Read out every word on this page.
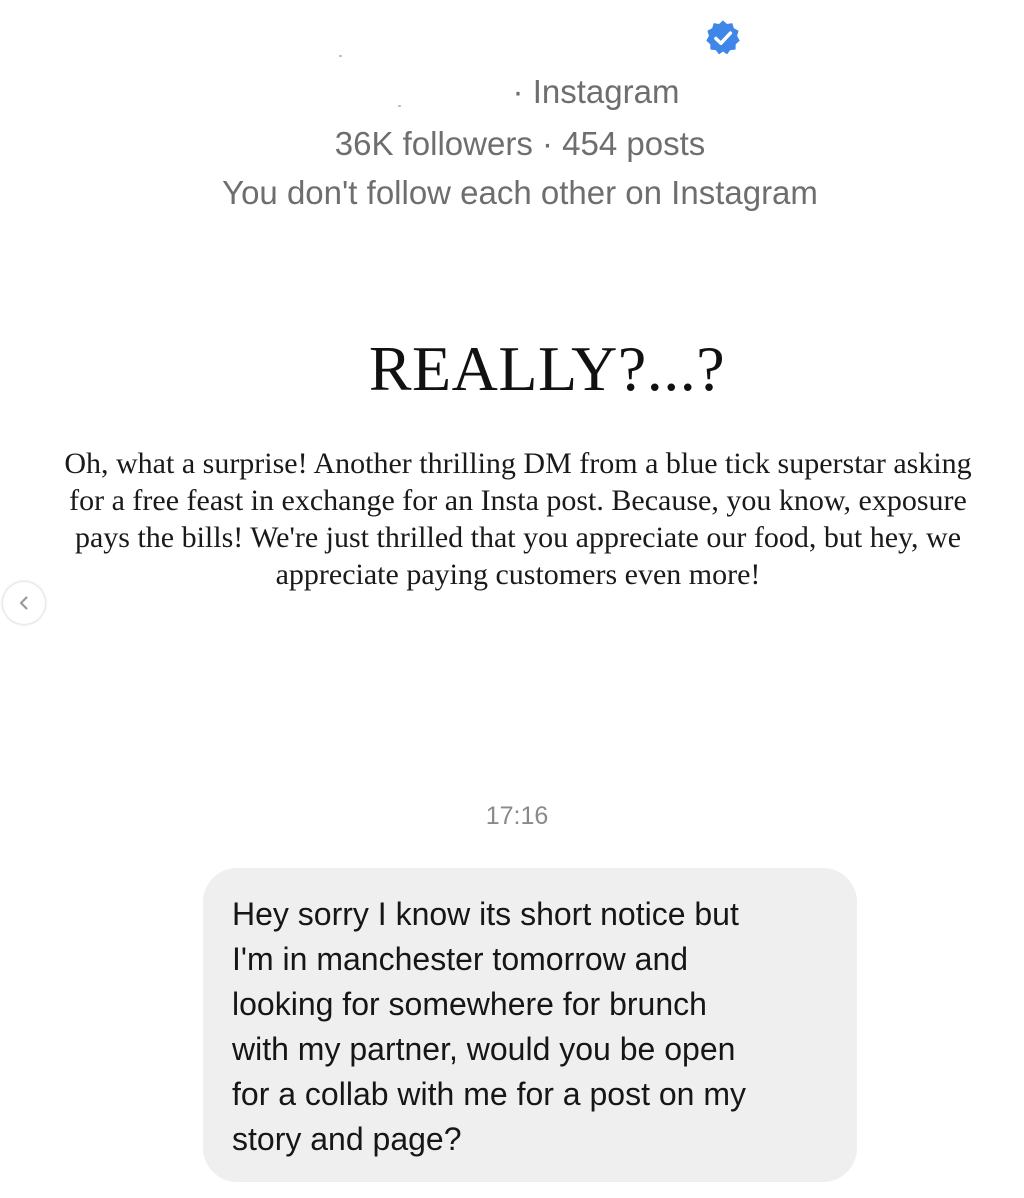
· Instagram
36K followers · 454 posts
You don't follow each other on Instagram
REALLY?...?
Oh, what a surprise! Another thrilling DM from a blue tick superstar asking for a free feast in exchange for an Insta post. Because, you know, exposure pays the bills! We're just thrilled that you appreciate our food, but hey, we appreciate paying customers even more!
17:16
Hey sorry I know its short notice but
I'm in manchester tomorrow and
looking for somewhere for brunch
with my partner, would you be open
for a collab with me for a post on my
story and page?
